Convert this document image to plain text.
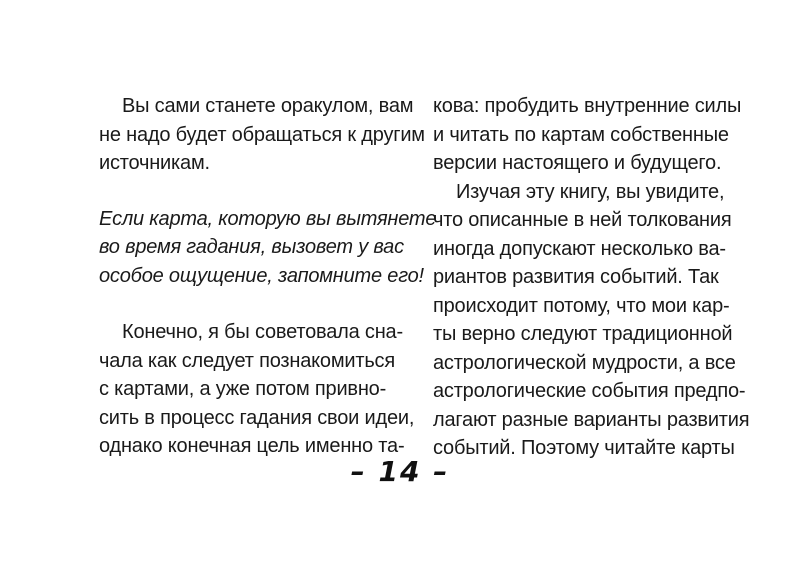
Вы сами станете оракулом, вам
не надо будет обращаться к другим
источникам.
Если карта, которую вы вытянете
во время гадания, вызовет у вас
особое ощущение, запомните его!
Конечно, я бы советовала сна-
чала как следует познакомиться
с картами, а уже потом привно-
сить в процесс гадания свои идеи,
однако конечная цель именно та-
кова: пробудить внутренние силы
и читать по картам собственные
версии настоящего и будущего.
Изучая эту книгу, вы увидите,
что описанные в ней толкования
иногда допускают несколько ва-
риантов развития событий. Так
происходит потому, что мои кар-
ты верно следуют традиционной
астрологической мудрости, а все
астрологические события предпо-
лагают разные варианты развития
событий. Поэтому читайте карты
– 14 –
